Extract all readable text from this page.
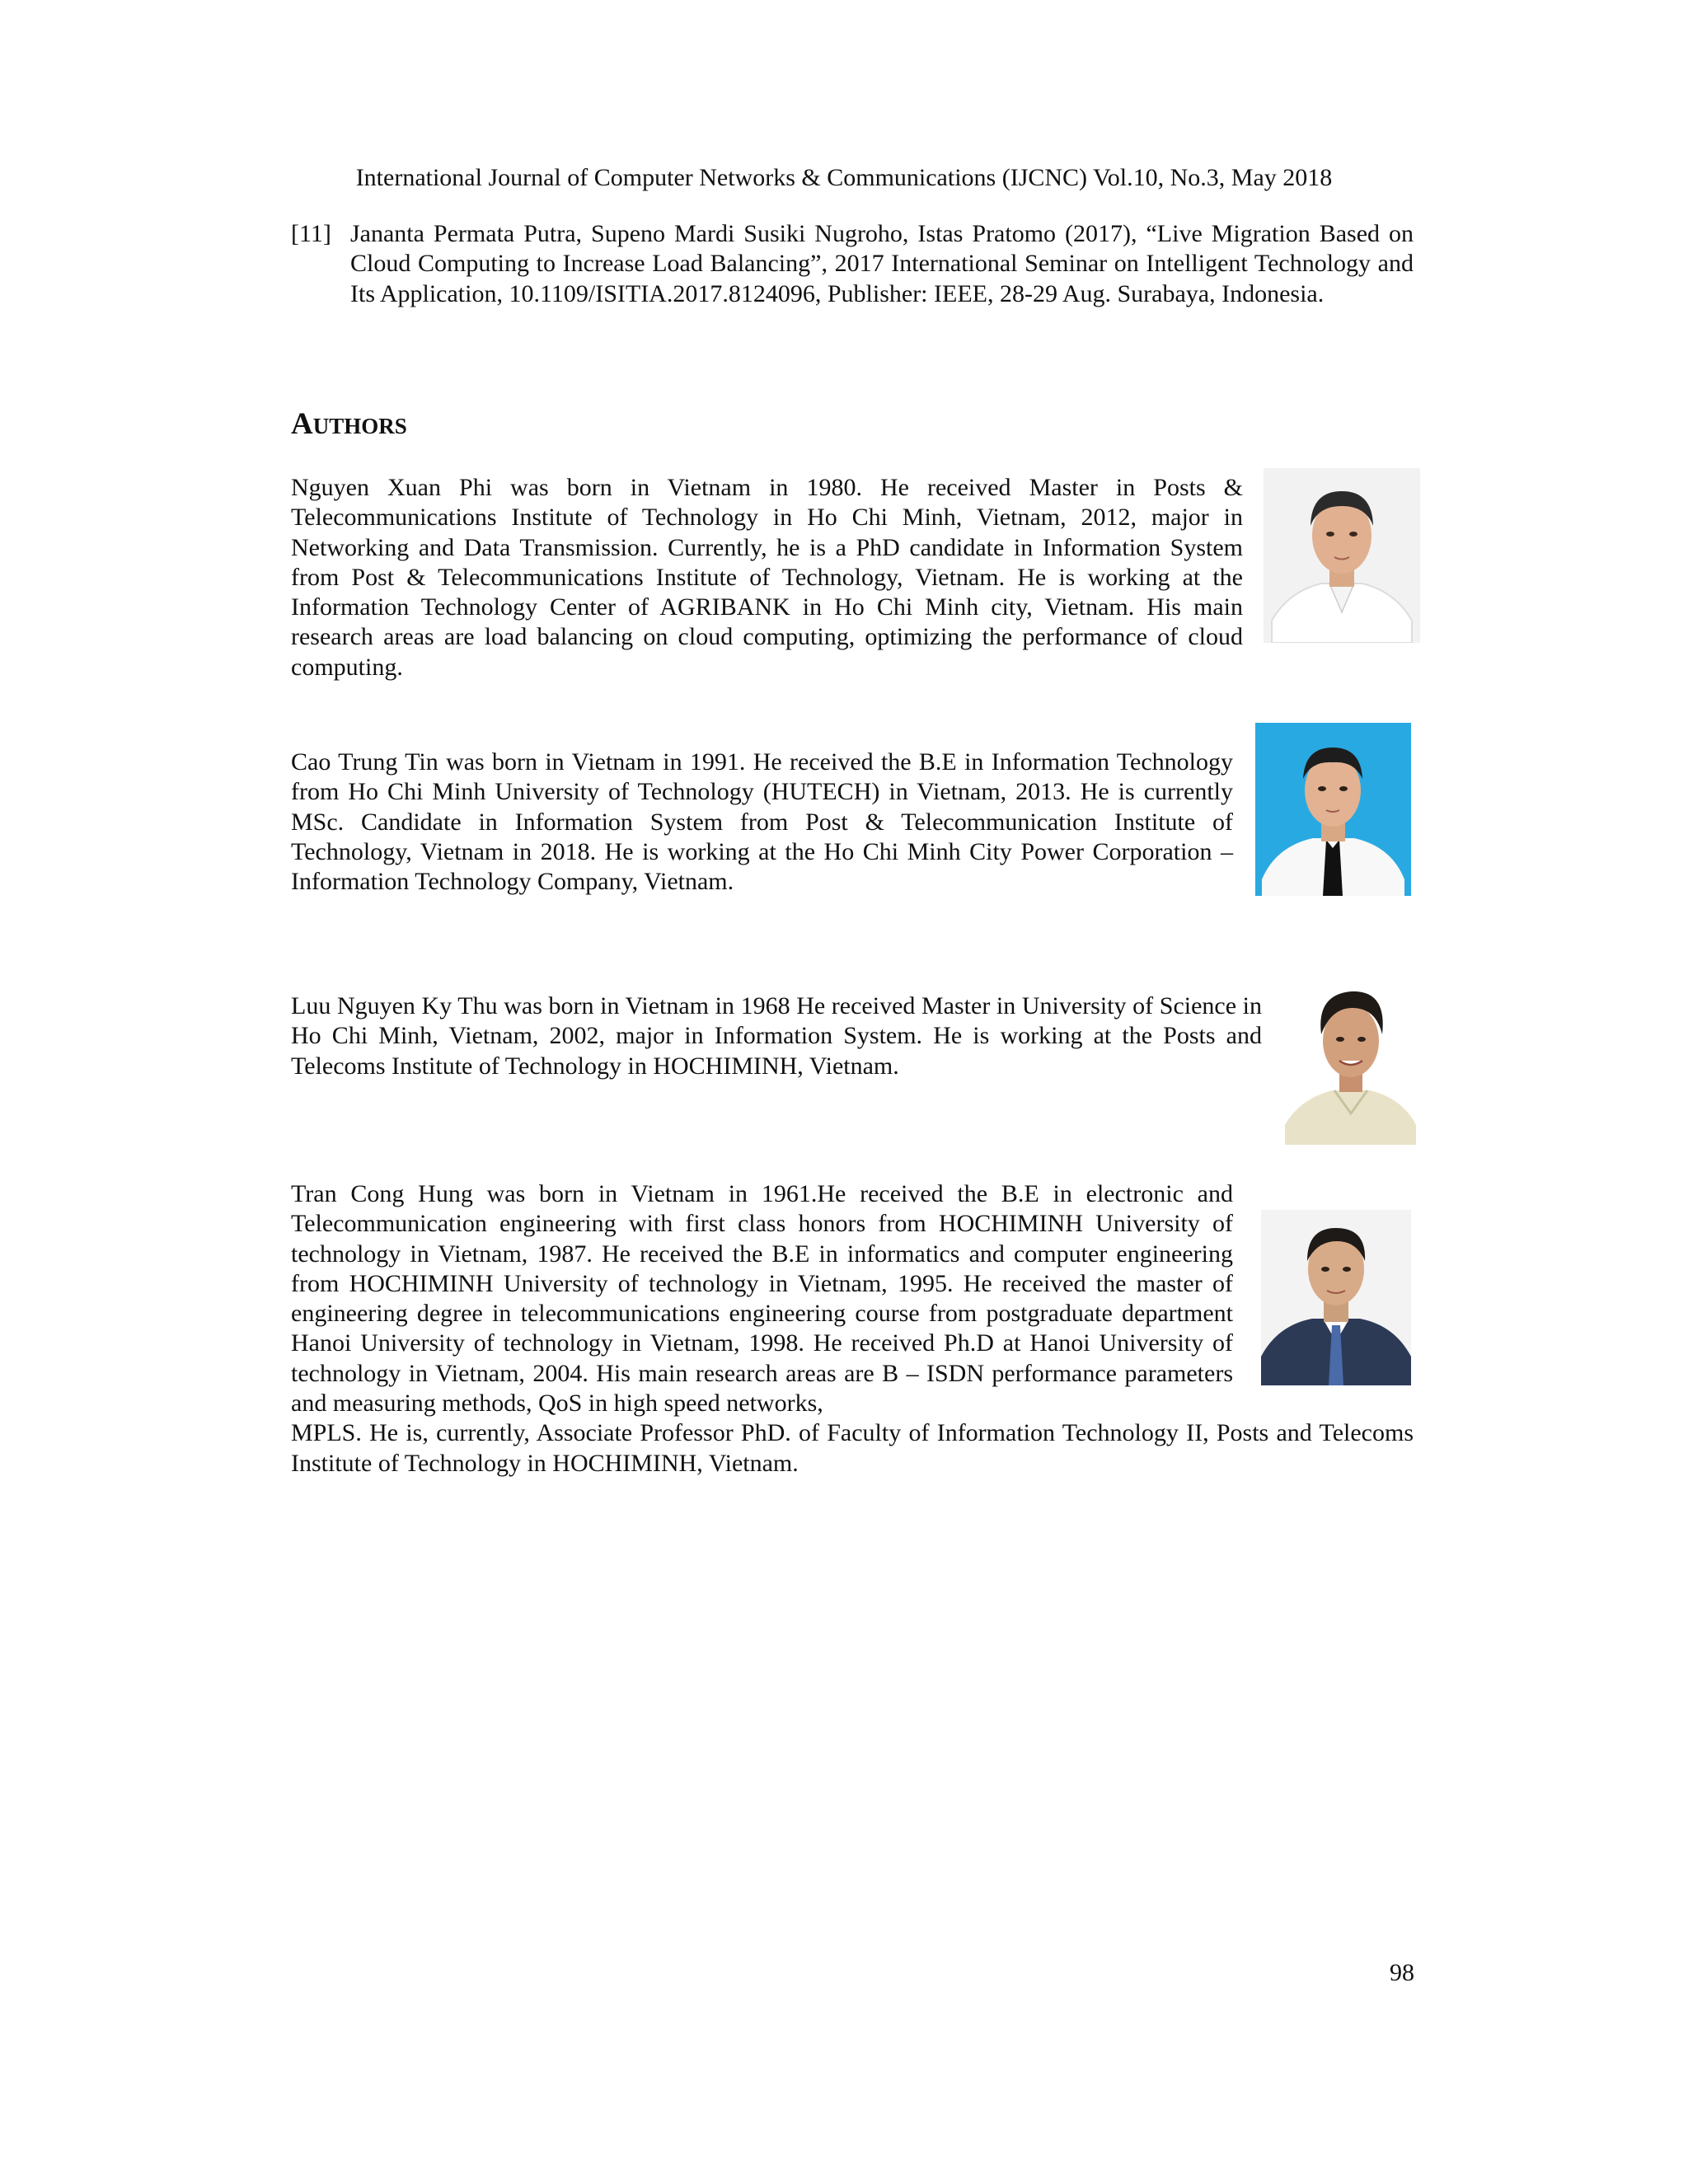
International Journal of Computer Networks & Communications (IJCNC) Vol.10, No.3, May 2018
[11] Jananta Permata Putra, Supeno Mardi Susiki Nugroho, Istas Pratomo (2017), “Live Migration Based on Cloud Computing to Increase Load Balancing”, 2017 International Seminar on Intelligent Technology and Its Application, 10.1109/ISITIA.2017.8124096, Publisher: IEEE, 28-29 Aug. Surabaya, Indonesia.
AUTHORS

Nguyen Xuan Phi was born in Vietnam in 1980. He received Master in Posts & Telecommunications Institute of Technology in Ho Chi Minh, Vietnam, 2012, major in Networking and Data Transmission. Currently, he is a PhD candidate in Information System from Post & Telecommunications Institute of Technology, Vietnam. He is working at the Information Technology Center of AGRIBANK in Ho Chi Minh city, Vietnam. His main research areas are load balancing on cloud computing, optimizing the performance of cloud computing.

Cao Trung Tin was born in Vietnam in 1991. He received the B.E in Information Technology from Ho Chi Minh University of Technology (HUTECH) in Vietnam, 2013. He is currently MSc. Candidate in Information System from Post & Telecommunication Institute of Technology, Vietnam in 2018. He is working at the Ho Chi Minh City Power Corporation – Information Technology Company, Vietnam.

Luu Nguyen Ky Thu was born in Vietnam in 1968 He received Master in University of Science in Ho Chi Minh, Vietnam, 2002, major in Information System. He is working at the Posts and Telecoms Institute of Technology in HOCHIMINH, Vietnam.

Tran Cong Hung was born in Vietnam in 1961.He received the B.E in electronic and Telecommunication engineering with first class honors from HOCHIMINH University of technology in Vietnam, 1987. He received the B.E in informatics and computer engineering from HOCHIMINH University of technology in Vietnam, 1995. He received the master of engineering degree in telecommunications engineering course from postgraduate department Hanoi University of technology in Vietnam, 1998. He received Ph.D at Hanoi University of technology in Vietnam, 2004. His main research areas are B – ISDN performance parameters and measuring methods, QoS in high speed networks,

MPLS. He is, currently, Associate Professor PhD. of Faculty of Information Technology II, Posts and Telecoms Institute of Technology in HOCHIMINH, Vietnam.

98
